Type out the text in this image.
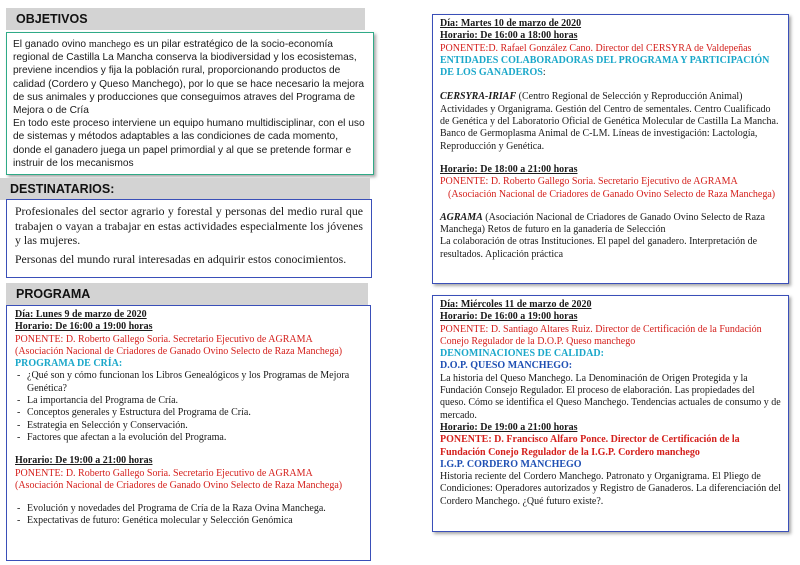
OBJETIVOS

El ganado ovino manchego es un pilar estratégico de la socio-economía regional de Castilla La Mancha conserva la biodiversidad y los ecosistemas, previene incendios y fija la población rural, proporcionando productos de calidad (Cordero y Queso Manchego), por lo que se hace necesario la mejora de sus animales y producciones que conseguimos atraves del Programa de Mejora o de Cría

En todo este proceso interviene un equipo humano multidisciplinar, con el uso de sistemas y métodos adaptables a las condiciones de cada momento, donde el ganadero juega un papel primordial y al que se pretende formar e instruir de los mecanismos

DESTINATARIOS:

Profesionales del sector agrario y forestal y personas del medio rural que trabajen o vayan a trabajar en estas actividades especialmente los jóvenes y las mujeres.

Personas del mundo rural interesadas en adquirir estos conocimientos.

PROGRAMA
Día: Lunes 9 de marzo de 2020
Horario: De 16:00 a 19:00 horas
PONENTE: D. Roberto Gallego Soria. Secretario Ejecutivo de AGRAMA
(Asociación Nacional de Criadores de Ganado Ovino Selecto de Raza Manchega)
PROGRAMA DE CRÍA:
- ¿Qué son y cómo funcionan los Libros Genealógicos y los Programas de Mejora Genética?
- La importancia del Programa de Cría.
- Conceptos generales y Estructura del Programa de Cría.
- Estrategia en Selección y Conservación.
- Factores que afectan a la evolución del Programa.
Horario: De 19:00 a 21:00 horas
PONENTE: D. Roberto Gallego Soria. Secretario Ejecutivo de AGRAMA
(Asociación Nacional de Criadores de Ganado Ovino Selecto de Raza Manchega)
- Evolución y novedades del Programa de Cría de la Raza Ovina Manchega.
- Expectativas de futuro: Genética molecular y Selección Genómica
Día: Martes 10 de marzo de 2020
Horario: De 16:00 a 18:00 horas
PONENTE:D. Rafael González Cano. Director del CERSYRA de Valdepeñas
ENTIDADES COLABORADORAS DEL PROGRAMA Y PARTICIPACIÓN DE LOS GANADEROS:
CERSYRA-IRIAF (Centro Regional de Selección y Reproducción Animal)
Actividades y Organigrama. Gestión del Centro de sementales. Centro Cualificado de Genética y del Laboratorio Oficial de Genética Molecular de Castilla La Mancha. Banco de Germoplasma Animal de C-LM. Líneas de investigación: Lactología, Reproducción y Genética.
Horario: De 18:00 a 21:00 horas
PONENTE: D. Roberto Gallego Soria. Secretario Ejecutivo de AGRAMA
(Asociación Nacional de Criadores de Ganado Ovino Selecto de Raza Manchega)
AGRAMA (Asociación Nacional de Criadores de Ganado Ovino Selecto de Raza Manchega) Retos de futuro en la ganadería de Selección
La colaboración de otras Instituciones. El papel del ganadero. Interpretación de resultados. Aplicación práctica
Día: Miércoles 11 de marzo de 2020
Horario: De 16:00 a 19:00 horas
PONENTE: D. Santiago Altares Ruiz. Director de Certificación de la Fundación Conejo Regulador de la D.O.P. Queso manchego
DENOMINACIONES DE CALIDAD:
D.O.P. QUESO MANCHEGO:
La historia del Queso Manchego. La Denominación de Origen Protegida y la Fundación Consejo Regulador. El proceso de elaboración. Las propiedades del queso. Cómo se identifica el Queso Manchego. Tendencias actuales de consumo y de mercado.
Horario: De 19:00 a 21:00 horas
PONENTE: D. Francisco Alfaro Ponce. Director de Certificación de la Fundación Conejo Regulador de la I.G.P. Cordero manchego
I.G.P. CORDERO MANCHEGO
Historia reciente del Cordero Manchego. Patronato y Organigrama. El Pliego de Condiciones: Operadores autorizados y Registro de Ganaderos. La diferenciación del Cordero Manchego. ¿Qué futuro existe?.
